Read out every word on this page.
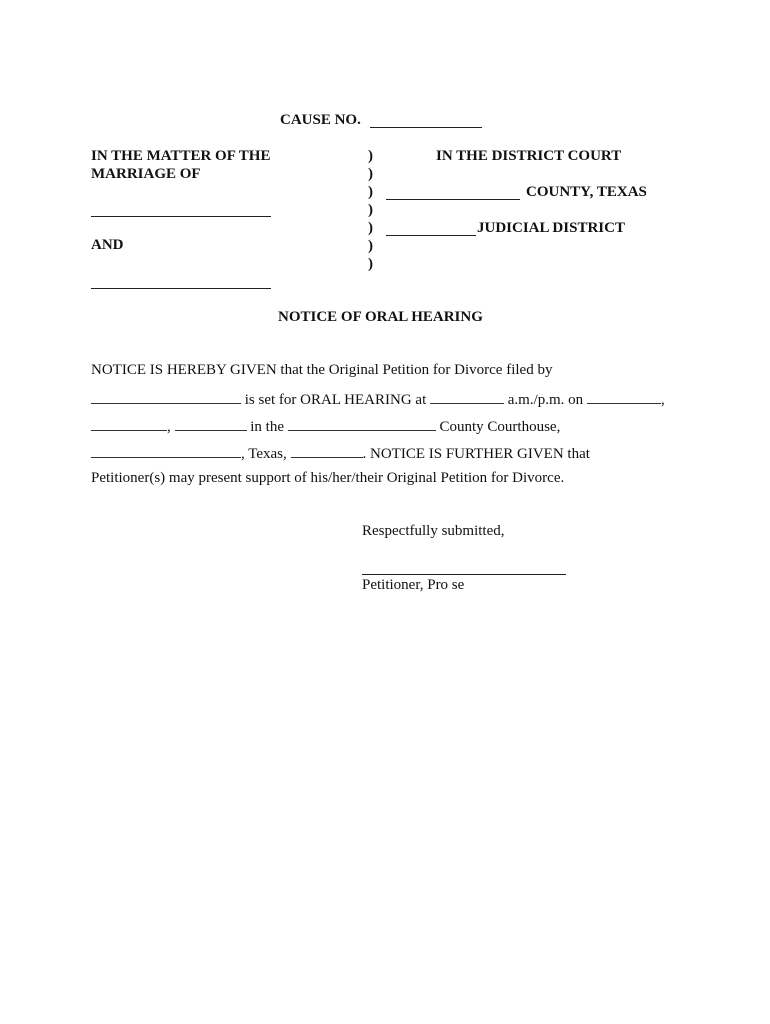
CAUSE NO.
IN THE MATTER OF THE
MARRIAGE OF
AND
)
)
)
)
)
)
)
IN THE DISTRICT COURT
COUNTY, TEXAS
JUDICIAL DISTRICT
NOTICE OF ORAL HEARING
NOTICE IS HEREBY GIVEN that the Original Petition for Divorce filed by
is set for ORAL HEARING at	a.m./p.m. on	,
,	in the	County Courthouse,
, Texas,	. NOTICE IS FURTHER GIVEN that
Petitioner(s) may present support of his/her/their Original Petition for Divorce.
Respectfully submitted,
Petitioner, Pro se
